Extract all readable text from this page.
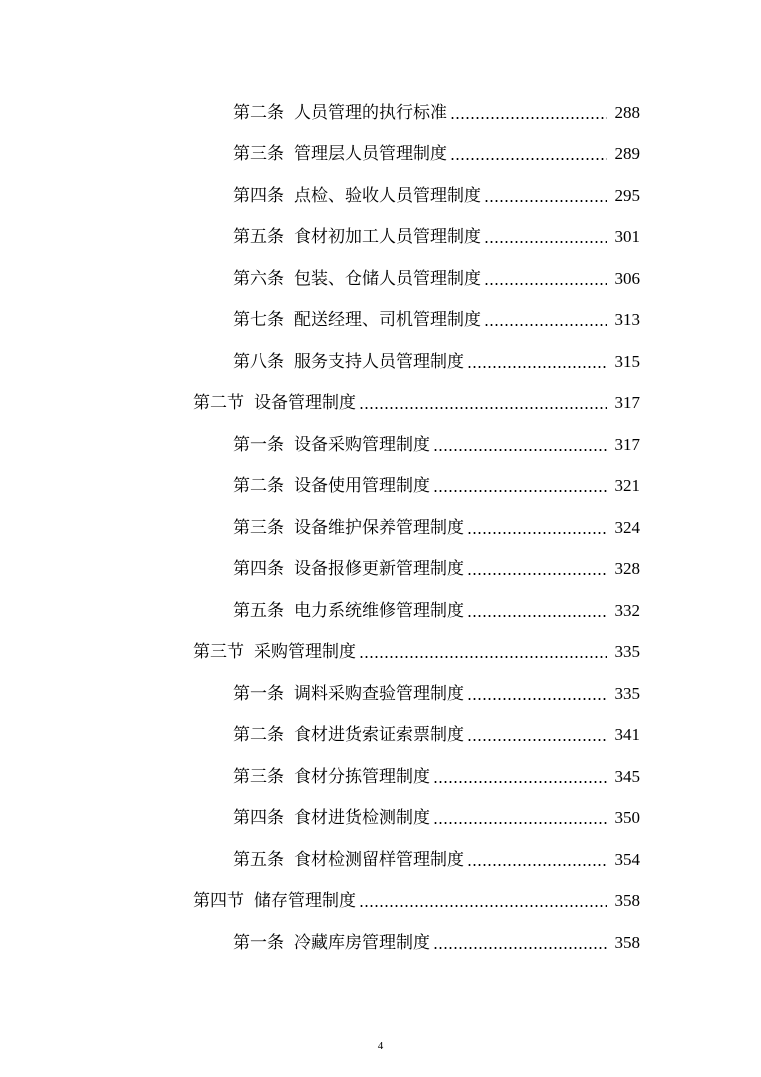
第二条 人员管理的执行标准	288
第三条 管理层人员管理制度	289
第四条 点检、验收人员管理制度	295
第五条 食材初加工人员管理制度	301
第六条 包装、仓储人员管理制度	306
第七条 配送经理、司机管理制度	313
第八条 服务支持人员管理制度	315
第二节 设备管理制度	317
第一条 设备采购管理制度	317
第二条 设备使用管理制度	321
第三条 设备维护保养管理制度	324
第四条 设备报修更新管理制度	328
第五条 电力系统维修管理制度	332
第三节 采购管理制度	335
第一条 调料采购查验管理制度	335
第二条 食材进货索证索票制度	341
第三条 食材分拣管理制度	345
第四条 食材进货检测制度	350
第五条 食材检测留样管理制度	354
第四节 储存管理制度	358
第一条 冷藏库房管理制度	358
4
